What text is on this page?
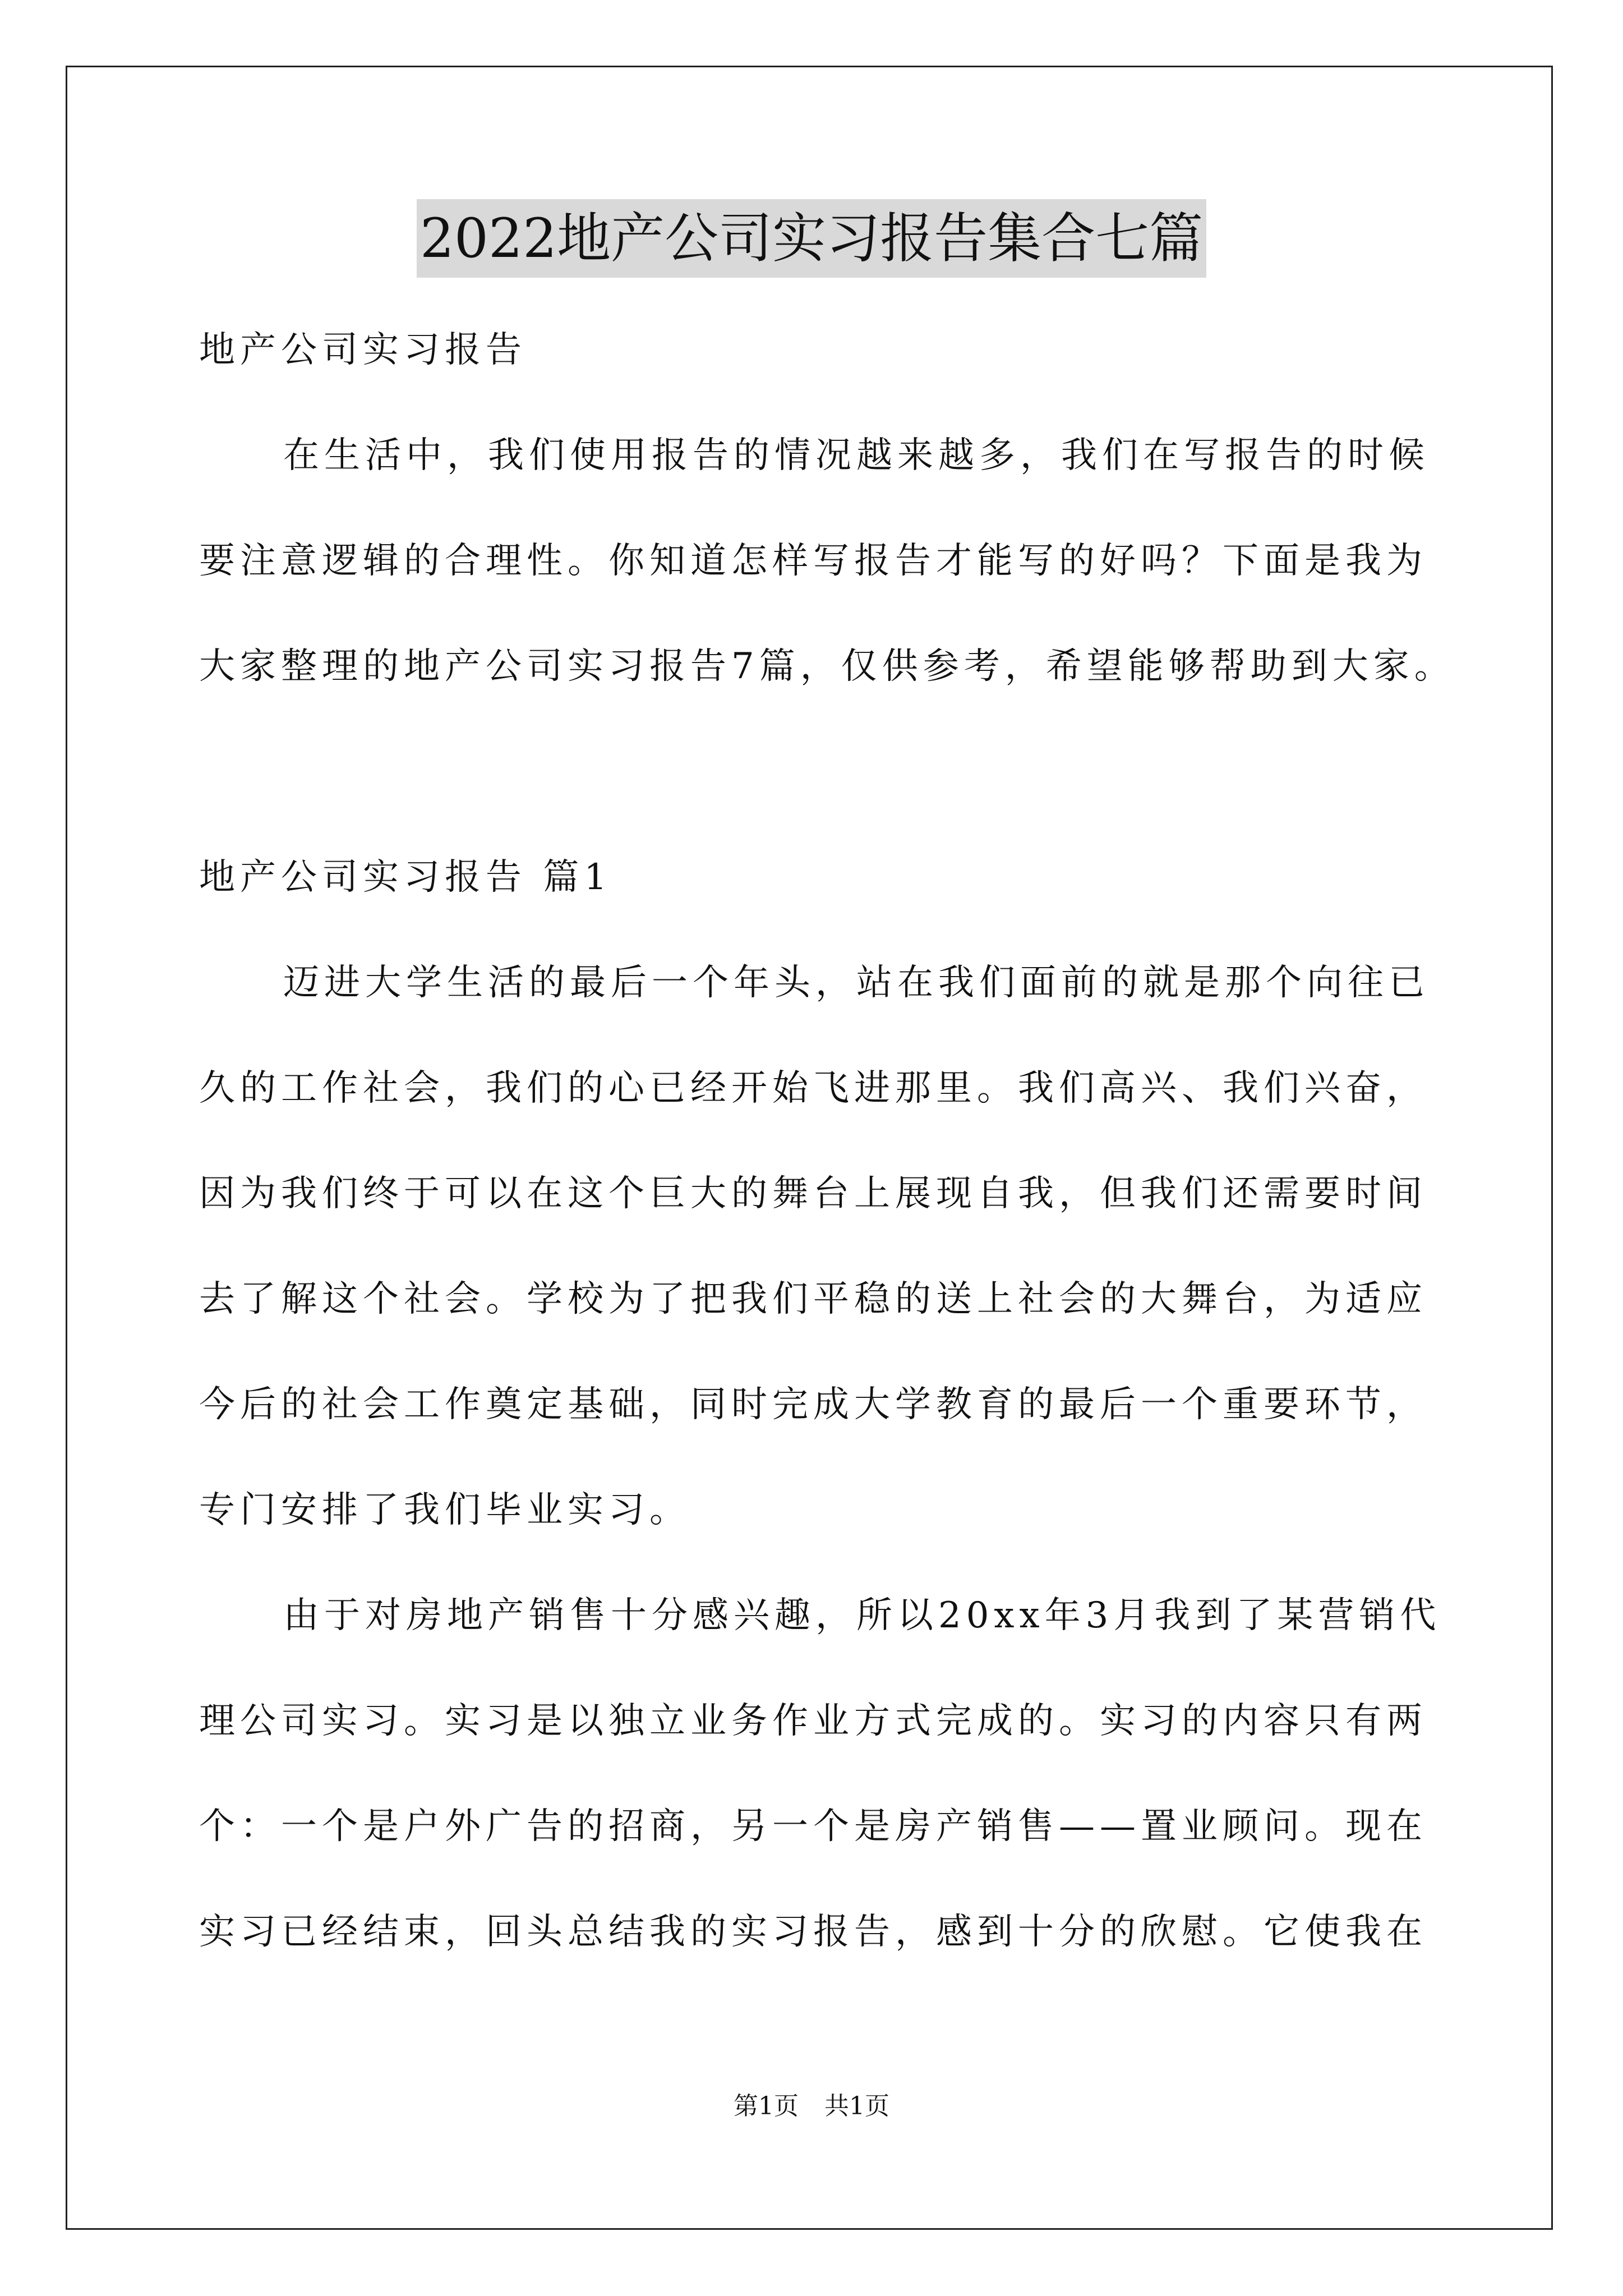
2022地产公司实习报告集合七篇
地产公司实习报告
在生活中，我们使用报告的情况越来越多，我们在写报告的时候
要注意逻辑的合理性。你知道怎样写报告才能写的好吗？下面是我为
大家整理的地产公司实习报告7篇，仅供参考，希望能够帮助到大家。
地产公司实习报告 篇1
迈进大学生活的最后一个年头，站在我们面前的就是那个向往已
久的工作社会，我们的心已经开始飞进那里。我们高兴、我们兴奋，
因为我们终于可以在这个巨大的舞台上展现自我，但我们还需要时间
去了解这个社会。学校为了把我们平稳的送上社会的大舞台，为适应
今后的社会工作奠定基础，同时完成大学教育的最后一个重要环节，
专门安排了我们毕业实习。
由于对房地产销售十分感兴趣，所以20xx年3月我到了某营销代
理公司实习。实习是以独立业务作业方式完成的。实习的内容只有两
个：一个是户外广告的招商，另一个是房产销售——置业顾问。现在
实习已经结束，回头总结我的实习报告，感到十分的欣慰。它使我在
第1页 共1页
